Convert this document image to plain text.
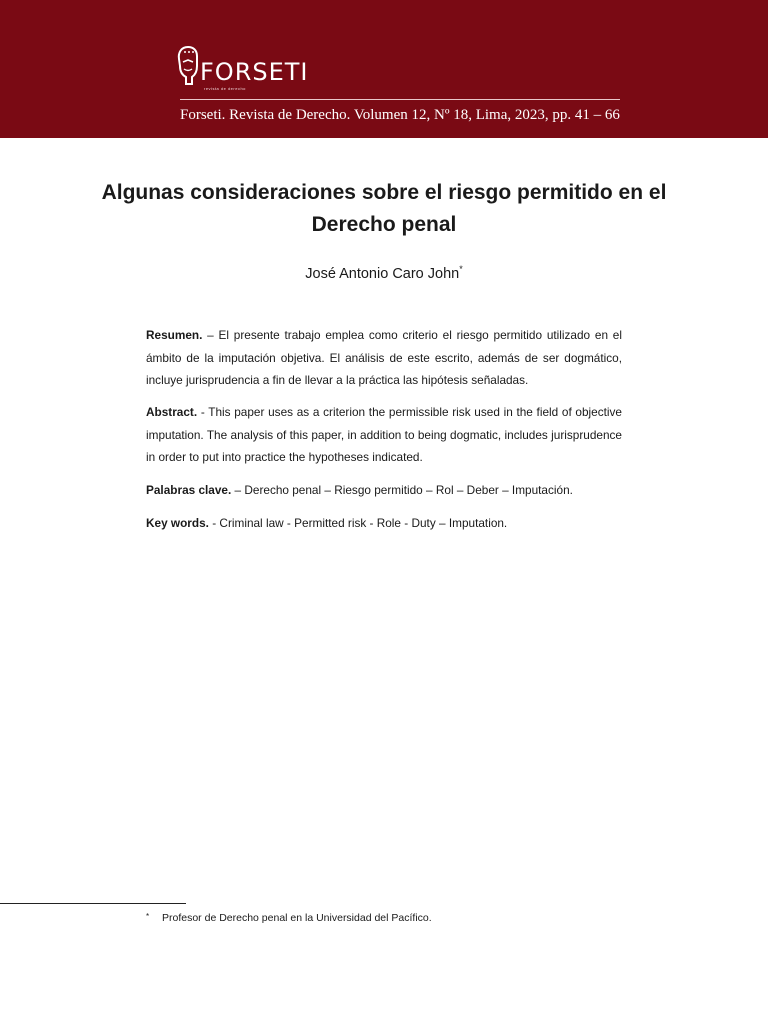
FORSETI
revista de derecho
Forseti. Revista de Derecho. Volumen 12, Nº 18, Lima, 2023, pp. 41 – 66
Algunas consideraciones sobre el riesgo permitido en el Derecho penal
José Antonio Caro John*

Resumen. – El presente trabajo emplea como criterio el riesgo permitido utilizado en el ámbito de la imputación objetiva. El análisis de este escrito, además de ser dogmático, incluye jurisprudencia a fin de llevar a la práctica las hipótesis señaladas.

Abstract. - This paper uses as a criterion the permissible risk used in the field of objective imputation. The analysis of this paper, in addition to being dogmatic, includes jurisprudence in order to put into practice the hypotheses indicated.

Palabras clave. – Derecho penal – Riesgo permitido – Rol – Deber – Imputación.

Key words. - Criminal law - Permitted risk - Role - Duty – Imputation.

* Profesor de Derecho penal en la Universidad del Pacífico.
